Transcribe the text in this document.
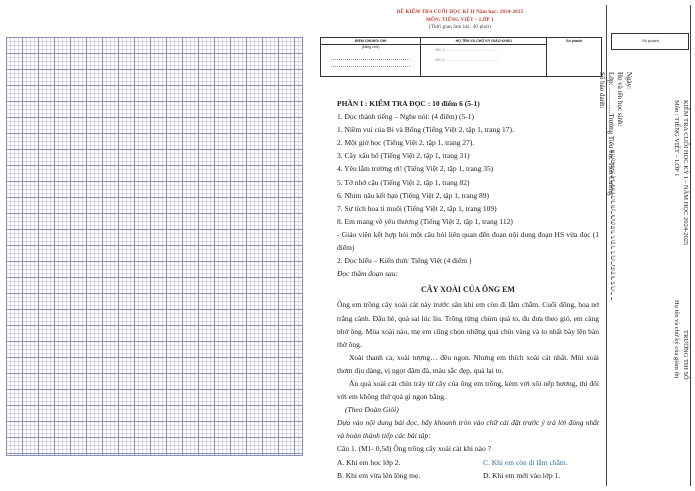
ĐỀ KIỂM TRA CUỐI HỌC KÌ II Năm học: 2024-2025
MÔN: TIẾNG VIỆT – LỚP 1
(Thời gian làm bài: 40 phút)
ĐIỂM CHUNG/ GHI
(bằng chữ)
HỌ TÊN VÀ CHỮ KÝ GIÁO KHẢO
GK 1: ...............................................
GK 2: ...............................................
Số phách

PHẦN I : KIỂM TRA ĐỌC : 10 điểm 6 (5-1)

1. Đọc thành tiếng – Nghe nói: (4 điểm) (5-1)

1. Niềm vui của Bi và Bống (Tiếng Việt 2, tập 1, trang 17).

2. Một giờ học (Tiếng Việt 2, tập 1, trang 27).

3. Cây xấu hổ (Tiếng Việt 2, tập 1, trang 31)

4. Yêu lắm trường ơi! (Tiếng Việt 2, tập 1, trang 35)

5. Tớ nhớ cậu (Tiếng Việt 2, tập 1, trang 82)

6. Nhím nâu kết bạn (Tiếng Việt 2, tập 1, trang 89)

7. Sự tích hoa tỉ muội (Tiếng Việt 2, tập 1, trang 109)

8. Em mang về yêu thương (Tiếng Việt 2, tập 1, trang 112)

- Giáo viên kết hợp hỏi một câu hỏi liên quan đến đoạn nội dung đoạn HS vừa đọc (1 điểm)

2. Đọc hiểu – Kiến thức Tiếng Việt (4 điểm )

Đọc thầm đoạn sau:

CÂY XOÀI CỦA ÔNG EM

Ông em trồng cây xoài cát này trước sân khi em còn đi lẫm chẫm. Cuối đông, hoa nở trắng cành. Đầu hè, quả sai lúc lỉu. Trông từng chùm quả to, đu đưa theo gió, em càng nhớ ông. Mùa xoài nào, mẹ em cũng chọn những quả chín vàng và to nhất bày lên bàn thờ ông.

Xoài thanh ca, xoài tượng… đều ngon. Nhưng em thích xoài cát nhất. Mùi xoài thơm dịu dàng, vị ngọt đậm đà, màu sắc đẹp, quả lại to.

Ăn quả xoài cát chín trảy từ cây của ông em trồng, kèm với xôi nếp hương, thì đối với em không thứ quà gì ngon bằng.

(Theo Đoàn Giỏi)

Dựa vào nội dung bài đọc, hãy khoanh tròn vào chữ cái đặt trước ý trả lời đúng nhất và hoàn thành tiếp các bài tập:

Câu 1. (M1- 0,5đ) Ông trồng cây xoài cát khi nào ?

A. Khi em học lớp 2.	C. Khi em còn đi lẫm chẫm.

B. Khi em vừa lên lông mẹ.	D. Khi em mới vào lớp 1.

Số phách
Ngày:
Họ và tên học sinh:
Lớp: ...............Trường Tiểu học Tiên Cương
Số báo danh:
ĐƯỜNG CẮT PHÁCH ĐỂ KHÔNG VIẾT VÀO PHẦN NÀY	KIỂM TRA CUỐI HỌC KỲ I – NĂM HỌC 2024-2025
Môn : TIẾNG VIỆT – LỚP 1
TRƯỜNG TIH SỐ
Họ tên và chữ ký của giám thị
